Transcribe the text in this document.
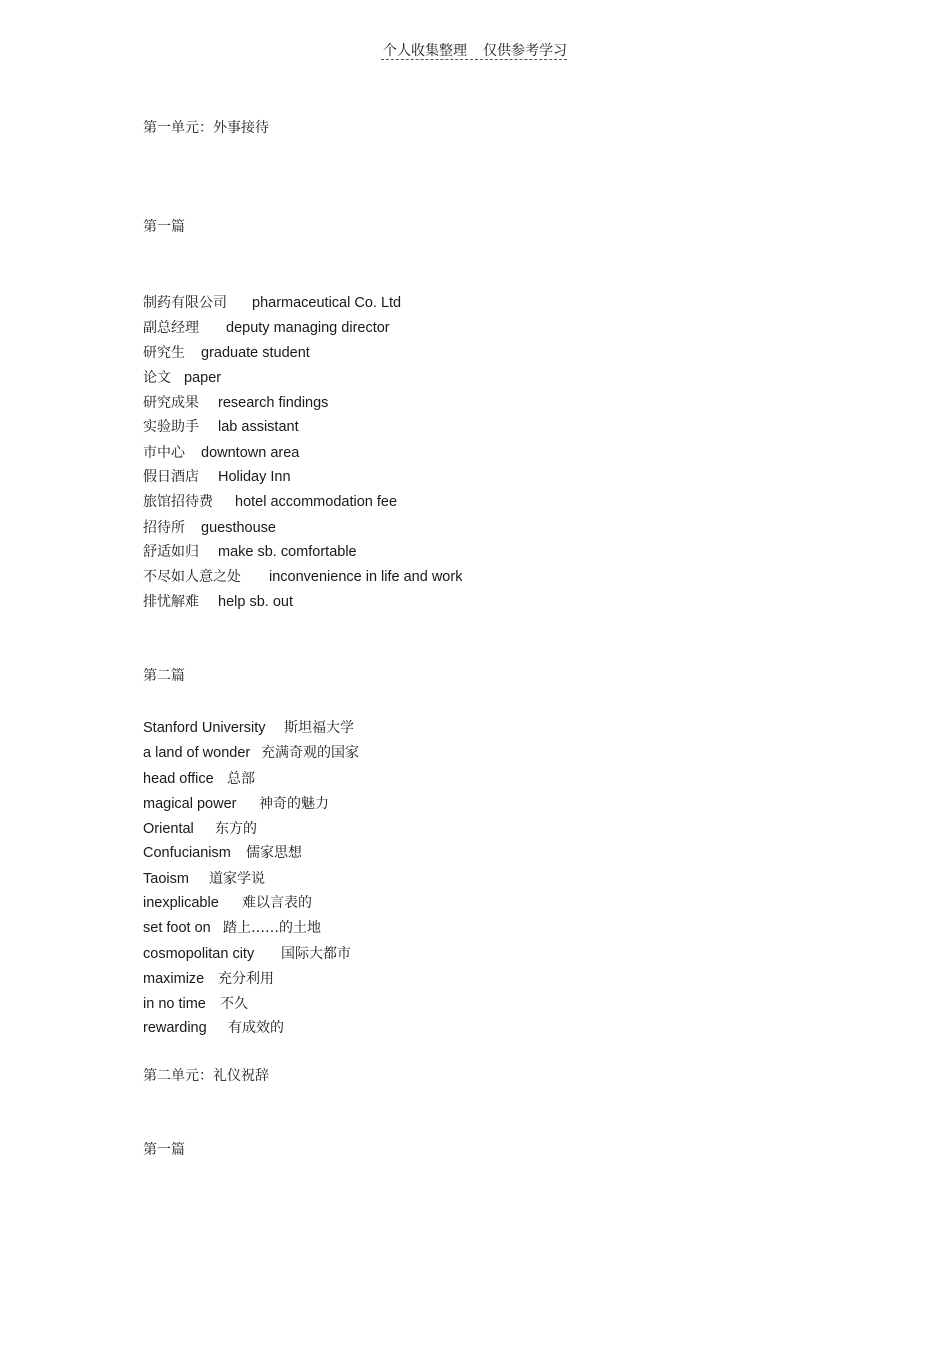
个人收集整理 仅供参考学习
第一单元：外事接待
第一篇
制药有限公司 pharmaceutical Co. Ltd
副总经理 deputy managing director
研究生 graduate student
论文 paper
研究成果 research findings
实验助手 lab assistant
市中心 downtown area
假日酒店 Holiday Inn
旅馆招待费 hotel accommodation fee
招待所 guesthouse
舒适如归 make sb. comfortable
不尽如人意之处 inconvenience in life and work
排忧解难 help sb. out
第二篇
Stanford University 斯坦福大学
a land of wonder 充满奇观的国家
head office 总部
magical power 神奇的魅力
Oriental 东方的
Confucianism 儒家思想
Taoism 道家学说
inexplicable 难以言表的
set foot on 踏上……的土地
cosmopolitan city 国际大都市
maximize 充分利用
in no time 不久
rewarding 有成效的
第二单元：礼仪祝辞
第一篇
